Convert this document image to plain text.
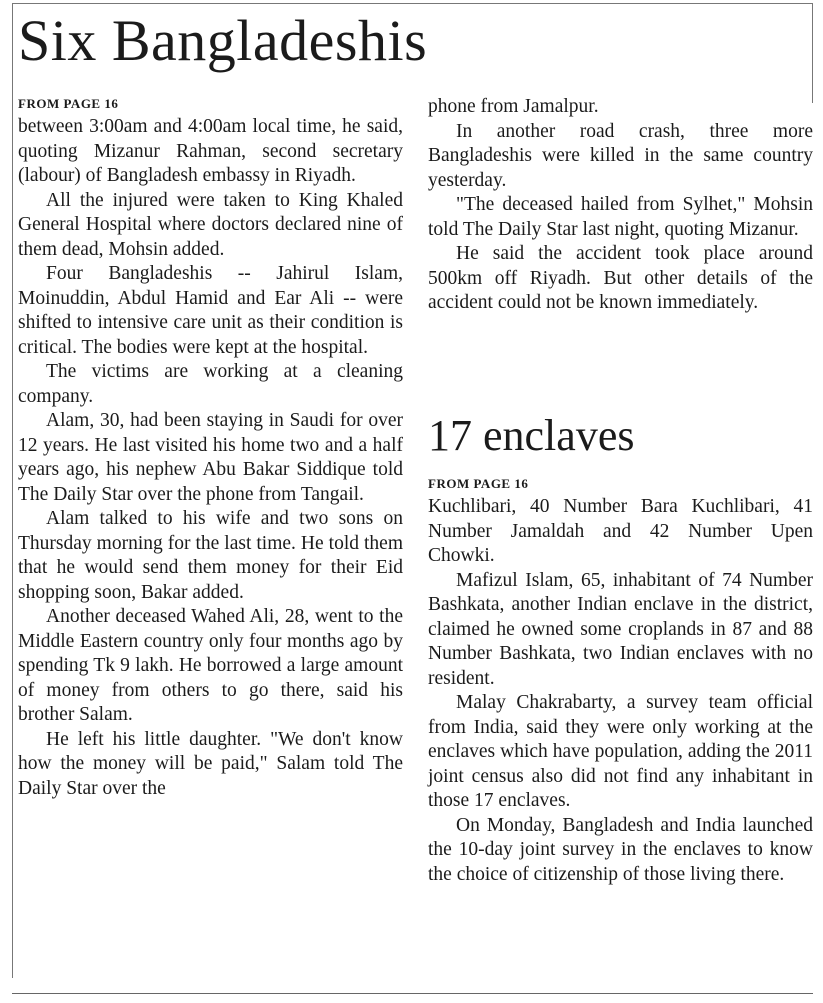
Six Bangladeshis
FROM PAGE 16

between 3:00am and 4:00am local time, he said, quoting Mizanur Rahman, second secretary (labour) of Bangladesh embassy in Riyadh.

All the injured were taken to King Khaled General Hospital where doctors declared nine of them dead, Mohsin added.

Four Bangladeshis -- Jahirul Islam, Moinuddin, Abdul Hamid and Ear Ali -- were shifted to intensive care unit as their condition is critical. The bodies were kept at the hospital.

The victims are working at a cleaning company.

Alam, 30, had been staying in Saudi for over 12 years. He last visited his home two and a half years ago, his nephew Abu Bakar Siddique told The Daily Star over the phone from Tangail.

Alam talked to his wife and two sons on Thursday morning for the last time. He told them that he would send them money for their Eid shopping soon, Bakar added.

Another deceased Wahed Ali, 28, went to the Middle Eastern country only four months ago by spending Tk 9 lakh. He borrowed a large amount of money from others to go there, said his brother Salam.

He left his little daughter. "We don't know how the money will be paid," Salam told The Daily Star over the

phone from Jamalpur.

In another road crash, three more Bangladeshis were killed in the same country yesterday.

"The deceased hailed from Sylhet," Mohsin told The Daily Star last night, quoting Mizanur.

He said the accident took place around 500km off Riyadh. But other details of the accident could not be known immediately.

17 enclaves
FROM PAGE 16

Kuchlibari, 40 Number Bara Kuchlibari, 41 Number Jamaldah and 42 Number Upen Chowki.

Mafizul Islam, 65, inhabitant of 74 Number Bashkata, another Indian enclave in the district, claimed he owned some croplands in 87 and 88 Number Bashkata, two Indian enclaves with no resident.

Malay Chakrabarty, a survey team official from India, said they were only working at the enclaves which have population, adding the 2011 joint census also did not find any inhabitant in those 17 enclaves.

On Monday, Bangladesh and India launched the 10-day joint survey in the enclaves to know the choice of citizenship of those living there.
